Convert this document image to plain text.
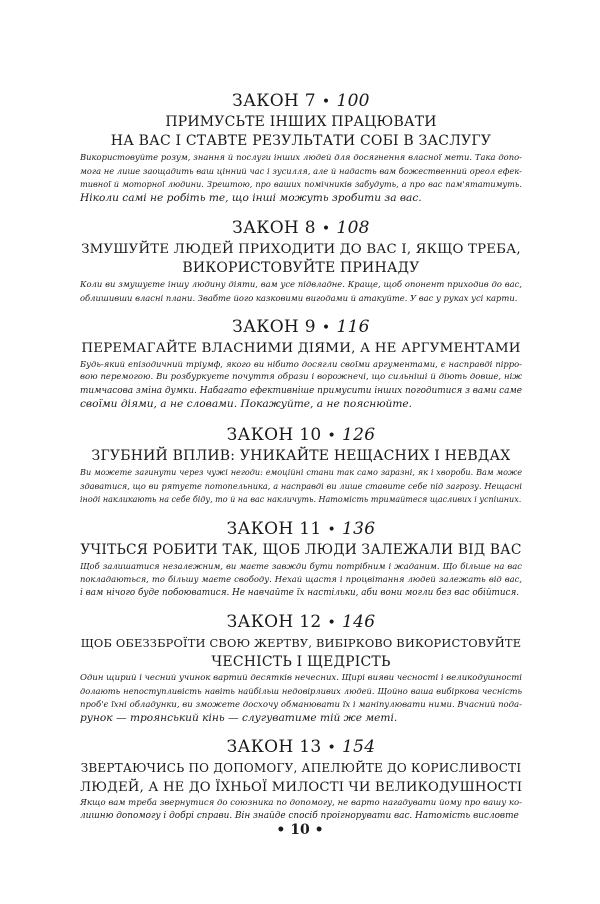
ЗАКОН 7 • 100
ПРИМУСЬТЕ ІНШИХ ПРАЦЮВАТИ
НА ВАС І СТАВТЕ РЕЗУЛЬТАТИ СОБІ В ЗАСЛУГУ
Використовуйте розум, знання й послуги інших людей для досягнення власної мети. Така допо-
мога не лише заощадить ваш цінний час і зусилля, але й надасть вам божественний ореол ефек-
тивної й моторної людини. Зрештою, про ваших помічників забудуть, а про вас пам'ятатимуть.
Ніколи самі не робіть те, що інші можуть зробити за вас.
ЗАКОН 8 • 108
ЗМУШУЙТЕ ЛЮДЕЙ ПРИХОДИТИ ДО ВАС І, ЯКЩО ТРЕБА,
ВИКОРИСТОВУЙТЕ ПРИНАДУ
Коли ви змушуєте іншу людину діяти, вам усе підвладне. Краще, щоб опонент приходив до вас,
облишивши власні плани. Звабте його казковими вигодами й атакуйте. У вас у руках усі карти.
ЗАКОН 9 • 116
ПЕРЕМАГАЙТЕ ВЛАСНИМИ ДІЯМИ, А НЕ АРГУМЕНТАМИ
Будь-який епізодичний тріумф, якого ви нібито досягли своїми аргументами, є насправді пірро-
вою перемогою. Ви розбуркуєте почуття образи і ворожнечі, що сильніші й діють довше, ніж
тимчасова зміна думки. Набагато ефективніше примусити інших погодитися з вами саме
своїми діями, а не словами. Покажуйте, а не пояснюйте.
ЗАКОН 10 • 126
ЗГУБНИЙ ВПЛИВ: УНИКАЙТЕ НЕЩАСНИХ І НЕВДАХ
Ви можете загинути через чужі негоди: емоційні стани так само заразні, як і хвороби. Вам може
здаватися, що ви рятуєте потопельника, а насправді ви лише ставите себе під загрозу. Нещасні
іноді накликають на себе біду, то й на вас накличуть. Натомість тримайтеся щасливих і успішних.
ЗАКОН 11 • 136
УЧІТЬСЯ РОБИТИ ТАК, ЩОБ ЛЮДИ ЗАЛЕЖАЛИ ВІД ВАС
Щоб залишатися незалежним, ви маєте завжди бути потрібним і жаданим. Що більше на вас
покладаються, то більшу маєте свободу. Нехай щастя і процвітання людей залежать від вас,
і вам нічого буде побоюватися. Не навчайте їх настільки, аби вони могли без вас обійтися.
ЗАКОН 12 • 146
ЩОБ ОБЕЗЗБРОЇТИ СВОЮ ЖЕРТВУ, ВИБІРКОВО ВИКОРИСТОВУЙТЕ
ЧЕСНІСТЬ І ЩЕДРІСТЬ
Один щирий і чесний учинок вартий десятків нечесних. Щирі вияви чесності і великодушності
долають непоступливість навіть найбільш недовірливих людей. Щойно ваша вибіркова чесність
проб'є їхні обладунки, ви зможете досхочу обманювати їх і маніпулювати ними. Вчасний пода-
рунок — троянський кінь — слугуватиме тій же меті.
ЗАКОН 13 • 154
ЗВЕРТАЮЧИСЬ ПО ДОПОМОГУ, АПЕЛЮЙТЕ ДО КОРИСЛИВОСТІ
ЛЮДЕЙ, А НЕ ДО ЇХНЬОЇ МИЛОСТІ ЧИ ВЕЛИКОДУШНОСТІ
Якщо вам треба звернутися до союзника по допомогу, не варто нагадувати йому про вашу ко-
лишню допомогу і добрі справи. Він знайде спосіб проігнорувати вас. Натомість висловте
• 10 •
